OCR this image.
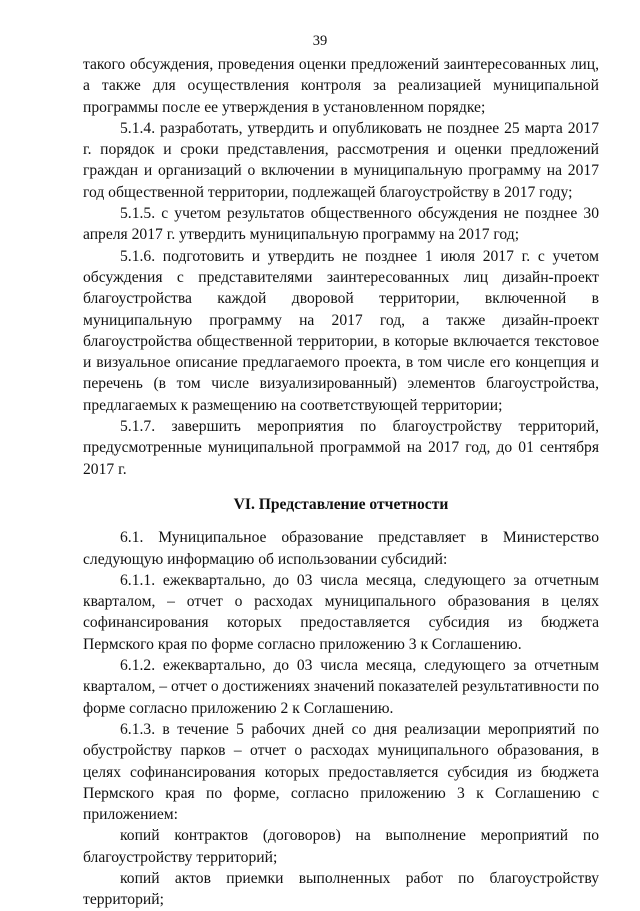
39

такого обсуждения, проведения оценки предложений заинтересованных лиц, а также для осуществления контроля за реализацией муниципальной программы после ее утверждения в установленном порядке;

5.1.4. разработать, утвердить и опубликовать не позднее 25 марта 2017 г. порядок и сроки представления, рассмотрения и оценки предложений граждан и организаций о включении в муниципальную программу на 2017 год общественной территории, подлежащей благоустройству в 2017 году;

5.1.5. с учетом результатов общественного обсуждения не позднее 30 апреля 2017 г. утвердить муниципальную программу на 2017 год;

5.1.6. подготовить и утвердить не позднее 1 июля 2017 г. с учетом обсуждения с представителями заинтересованных лиц дизайн-проект благоустройства каждой дворовой территории, включенной в муниципальную программу на 2017 год, а также дизайн-проект благоустройства общественной территории, в которые включается текстовое и визуальное описание предлагаемого проекта, в том числе его концепция и перечень (в том числе визуализированный) элементов благоустройства, предлагаемых к размещению на соответствующей территории;

5.1.7. завершить мероприятия по благоустройству территорий, предусмотренные муниципальной программой на 2017 год, до 01 сентября 2017 г.

VI. Представление отчетности

6.1. Муниципальное образование представляет в Министерство следующую информацию об использовании субсидий:

6.1.1. ежеквартально, до 03 числа месяца, следующего за отчетным кварталом, – отчет о расходах муниципального образования в целях софинансирования которых предоставляется субсидия из бюджета Пермского края по форме согласно приложению 3 к Соглашению.

6.1.2. ежеквартально, до 03 числа месяца, следующего за отчетным кварталом, – отчет о достижениях значений показателей результативности по форме согласно приложению 2 к Соглашению.

6.1.3. в течение 5 рабочих дней со дня реализации мероприятий по обустройству парков – отчет о расходах муниципального образования, в целях софинансирования которых предоставляется субсидия из бюджета Пермского края по форме, согласно приложению 3 к Соглашению с приложением:

копий контрактов (договоров) на выполнение мероприятий по благоустройству территорий;

копий актов приемки выполненных работ по благоустройству территорий;
